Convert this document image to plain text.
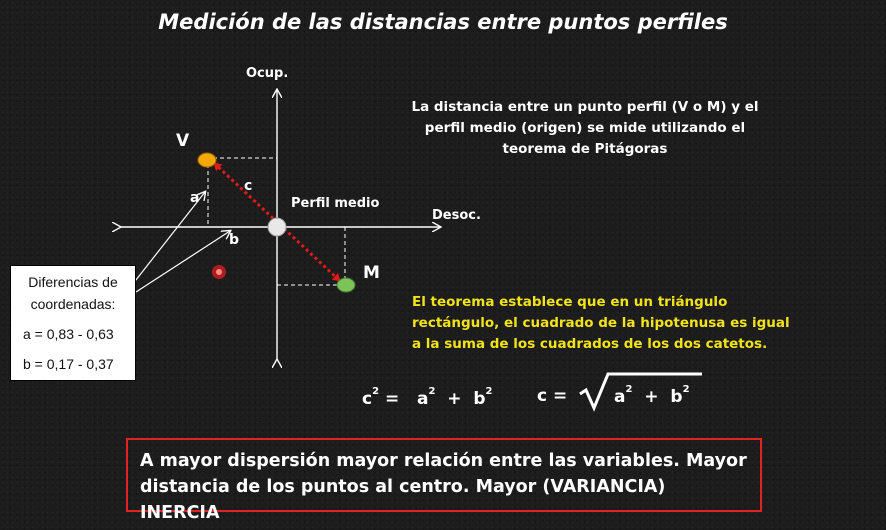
Medición de las distancias entre puntos perfiles
Ocup.
Desoc.
V
M
Perfil medio
a
b
c
La distancia entre un punto perfil (V o M) y el perfil medio (origen) se mide utilizando el teorema de Pitágoras
El teorema establece que en un triángulo rectángulo, el cuadrado de la hipotenusa es igual a la suma de los cuadrados de los dos catetos.
Diferencias de
coordenadas:
a = 0,83 - 0,63
b = 0,17 - 0,37
$c^2 = a^2 + b^2$	c =	$a^2 + b^2$
A mayor dispersión mayor relación entre las variables. Mayor distancia de los puntos al centro. Mayor (VARIANCIA) INERCIA
